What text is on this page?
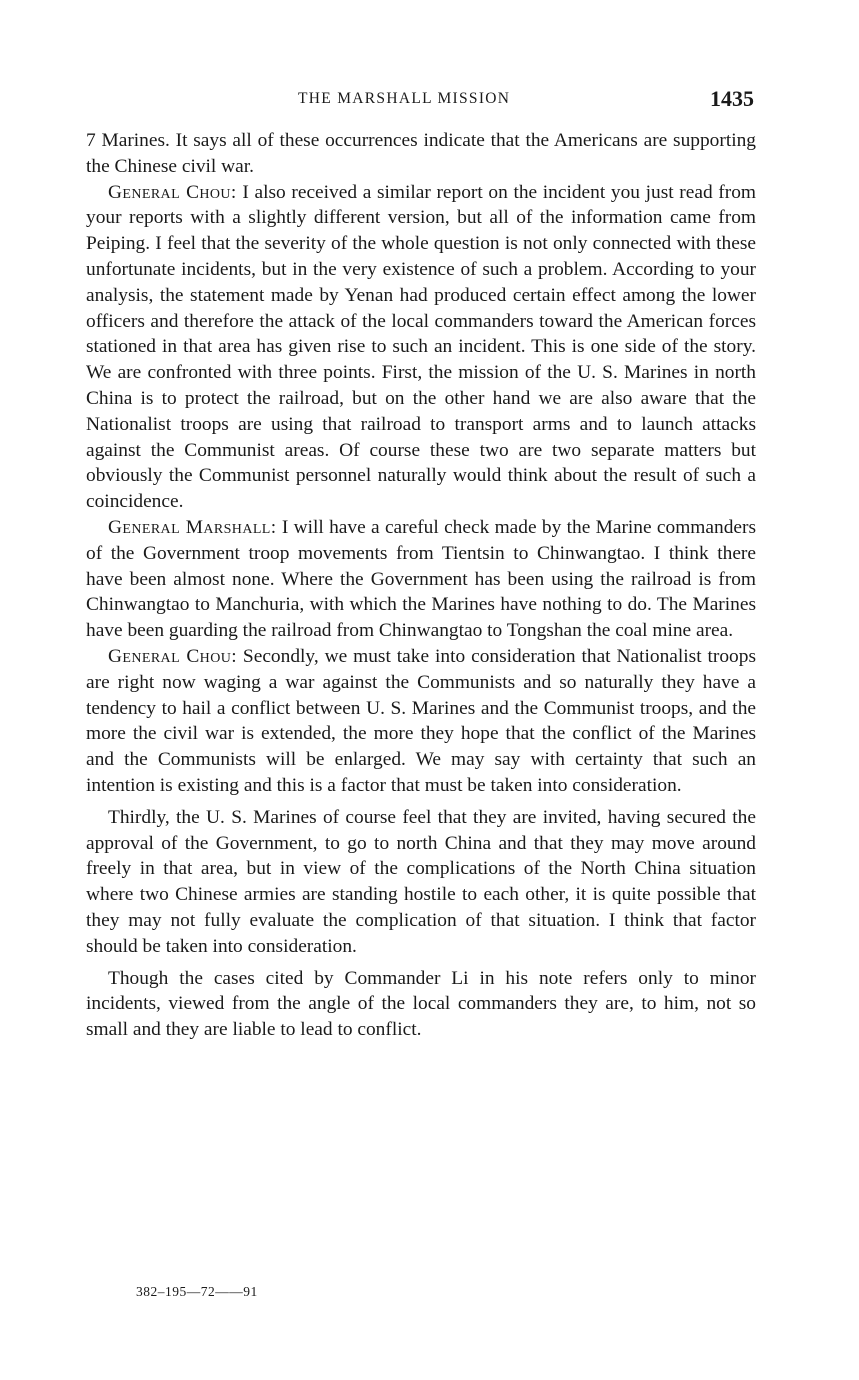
THE MARSHALL MISSION	1435

7 Marines. It says all of these occurrences indicate that the Americans are supporting the Chinese civil war.

General Chou: I also received a similar report on the incident you just read from your reports with a slightly different version, but all of the information came from Peiping. I feel that the severity of the whole question is not only connected with these unfortunate incidents, but in the very existence of such a problem. According to your analysis, the statement made by Yenan had produced certain effect among the lower officers and therefore the attack of the local commanders toward the American forces stationed in that area has given rise to such an incident. This is one side of the story. We are confronted with three points. First, the mission of the U. S. Marines in north China is to protect the railroad, but on the other hand we are also aware that the Nationalist troops are using that railroad to transport arms and to launch attacks against the Communist areas. Of course these two are two separate matters but obviously the Communist personnel naturally would think about the result of such a coincidence.

General Marshall: I will have a careful check made by the Marine commanders of the Government troop movements from Tientsin to Chinwangtao. I think there have been almost none. Where the Government has been using the railroad is from Chinwangtao to Manchuria, with which the Marines have nothing to do. The Marines have been guarding the railroad from Chinwangtao to Tongshan the coal mine area.

General Chou: Secondly, we must take into consideration that Nationalist troops are right now waging a war against the Communists and so naturally they have a tendency to hail a conflict between U. S. Marines and the Communist troops, and the more the civil war is extended, the more they hope that the conflict of the Marines and the Communists will be enlarged. We may say with certainty that such an intention is existing and this is a factor that must be taken into consideration.

Thirdly, the U. S. Marines of course feel that they are invited, having secured the approval of the Government, to go to north China and that they may move around freely in that area, but in view of the complications of the North China situation where two Chinese armies are standing hostile to each other, it is quite possible that they may not fully evaluate the complication of that situation. I think that factor should be taken into consideration.

Though the cases cited by Commander Li in his note refers only to minor incidents, viewed from the angle of the local commanders they are, to him, not so small and they are liable to lead to conflict.

382–195—72——91
